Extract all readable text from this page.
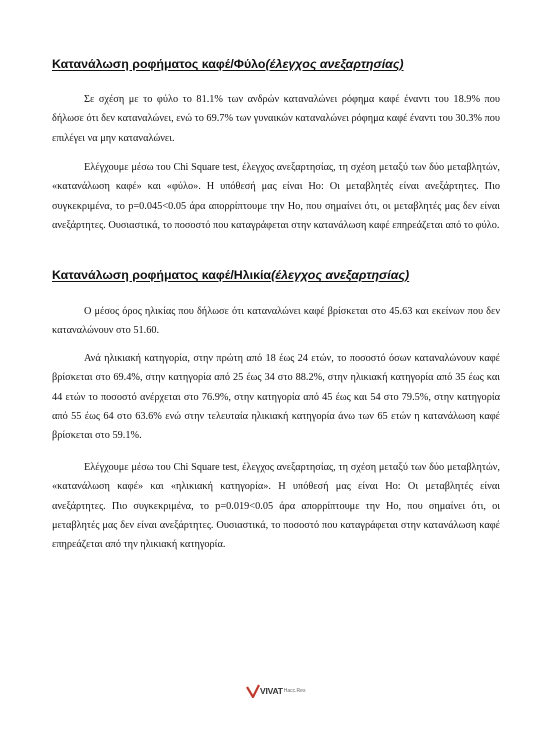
Κατανάλωση ροφήματος καφέ/Φύλο(έλεγχος ανεξαρτησίας)

Σε σχέση με το φύλο το 81.1% των ανδρών καταναλώνει ρόφημα καφέ έναντι του 18.9% που δήλωσε ότι δεν καταναλώνει, ενώ το 69.7% των γυναικών καταναλώνει ρόφημα καφέ έναντι του 30.3% που επιλέγει να μην καταναλώνει.

Ελέγχουμε μέσω του Chi Square test, έλεγχος ανεξαρτησίας, τη σχέση μεταξύ των δύο μεταβλητών, «κατανάλωση καφέ» και «φύλο». Η υπόθεσή μας είναι Ho: Οι μεταβλητές είναι ανεξάρτητες. Πιο συγκεκριμένα, το p=0.045<0.05 άρα απορρίπτουμε την Ho, που σημαίνει ότι, οι μεταβλητές μας δεν είναι ανεξάρτητες. Ουσιαστικά, το ποσοστό που καταγράφεται στην κατανάλωση καφέ επηρεάζεται από το φύλο.

Κατανάλωση ροφήματος καφέ/Ηλικία(έλεγχος ανεξαρτησίας)

Ο μέσος όρος ηλικίας που δήλωσε ότι καταναλώνει καφέ βρίσκεται στο 45.63 και εκείνων που δεν καταναλώνουν στο 51.60.

Ανά ηλικιακή κατηγορία, στην πρώτη από 18 έως 24 ετών, το ποσοστό όσων καταναλώνουν καφέ βρίσκεται στο 69.4%, στην κατηγορία από 25 έως 34 στο 88.2%, στην ηλικιακή κατηγορία από 35 έως και 44 ετών το ποσοστό ανέρχεται στο 76.9%, στην κατηγορία από 45 έως και 54 στο 79.5%, στην κατηγορία από 55 έως 64 στο 63.6% ενώ στην τελευταία ηλικιακή κατηγορία άνω των 65 ετών η κατανάλωση καφέ βρίσκεται στο 59.1%.

Ελέγχουμε μέσω του Chi Square test, έλεγχος ανεξαρτησίας, τη σχέση μεταξύ των δύο μεταβλητών, «κατανάλωση καφέ» και «ηλικιακή κατηγορία». Η υπόθεσή μας είναι Ho: Οι μεταβλητές είναι ανεξάρτητες. Πιο συγκεκριμένα, το p=0.019<0.05 άρα απορρίπτουμε την Ho, που σημαίνει ότι, οι μεταβλητές μας δεν είναι ανεξάρτητες. Ουσιαστικά, το ποσοστό που καταγράφεται στην κατανάλωση καφέ επηρεάζεται από την ηλικιακή κατηγορία.

VIVAT Hacc.Res
